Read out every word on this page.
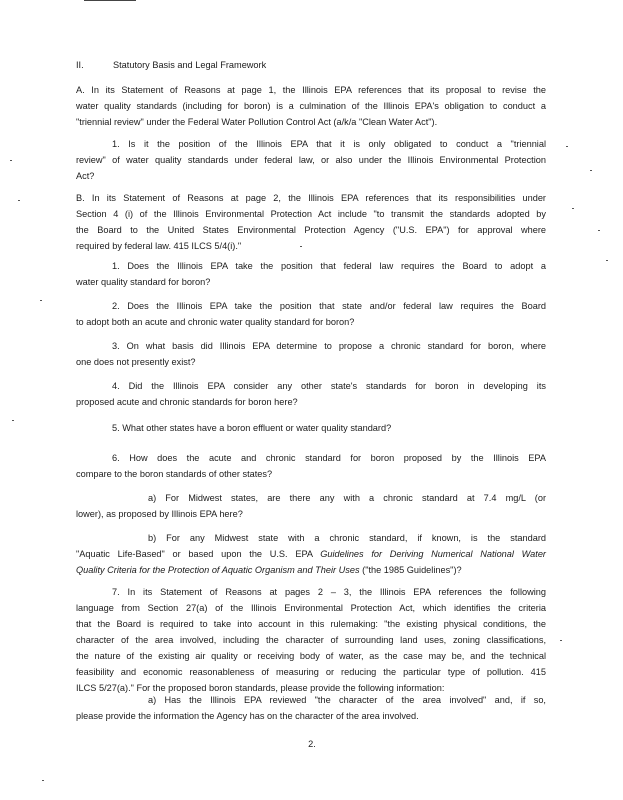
II.	Statutory Basis and Legal Framework
A. In its Statement of Reasons at page 1, the Illinois EPA references that its proposal to revise the
water quality standards (including for boron) is a culmination of the Illinois EPA's obligation to conduct a
"triennial review" under the Federal Water Pollution Control Act (a/k/a "Clean Water Act").
1. Is it the position of the Illinois EPA that it is only obligated to conduct a "triennial
review" of water quality standards under federal law, or also under the Illinois Environmental Protection
Act?
B. In its Statement of Reasons at page 2, the Illinois EPA references that its responsibilities under
Section 4 (i) of the Illinois Environmental Protection Act include "to transmit the standards adopted by
the Board to the United States Environmental Protection Agency ("U.S. EPA") for approval where
required by federal law. 415 ILCS 5/4(i)."
1. Does the Illinois EPA take the position that federal law requires the Board to adopt a
water quality standard for boron?
2. Does the Illinois EPA take the position that state and/or federal law requires the Board
to adopt both an acute and chronic water quality standard for boron?
3. On what basis did Illinois EPA determine to propose a chronic standard for boron, where
one does not presently exist?
4. Did the Illinois EPA consider any other state's standards for boron in developing its
proposed acute and chronic standards for boron here?
5. What other states have a boron effluent or water quality standard?
6. How does the acute and chronic standard for boron proposed by the Illinois EPA
compare to the boron standards of other states?
a) For Midwest states, are there any with a chronic standard at 7.4 mg/L (or
lower), as proposed by Illinois EPA here?
b) For any Midwest state with a chronic standard, if known, is the standard
"Aquatic Life-Based" or based upon the U.S. EPA Guidelines for Deriving Numerical National Water
Quality Criteria for the Protection of Aquatic Organism and Their Uses ("the 1985 Guidelines")?
7. In its Statement of Reasons at pages 2 – 3, the Illinois EPA references the following
language from Section 27(a) of the Illinois Environmental Protection Act, which identifies the criteria
that the Board is required to take into account in this rulemaking: "the existing physical conditions, the
character of the area involved, including the character of surrounding land uses, zoning classifications,
the nature of the existing air quality or receiving body of water, as the case may be, and the technical
feasibility and economic reasonableness of measuring or reducing the particular type of pollution. 415
ILCS 5/27(a)." For the proposed boron standards, please provide the following information:
a) Has the Illinois EPA reviewed "the character of the area involved" and, if so,
please provide the information the Agency has on the character of the area involved.
2.
